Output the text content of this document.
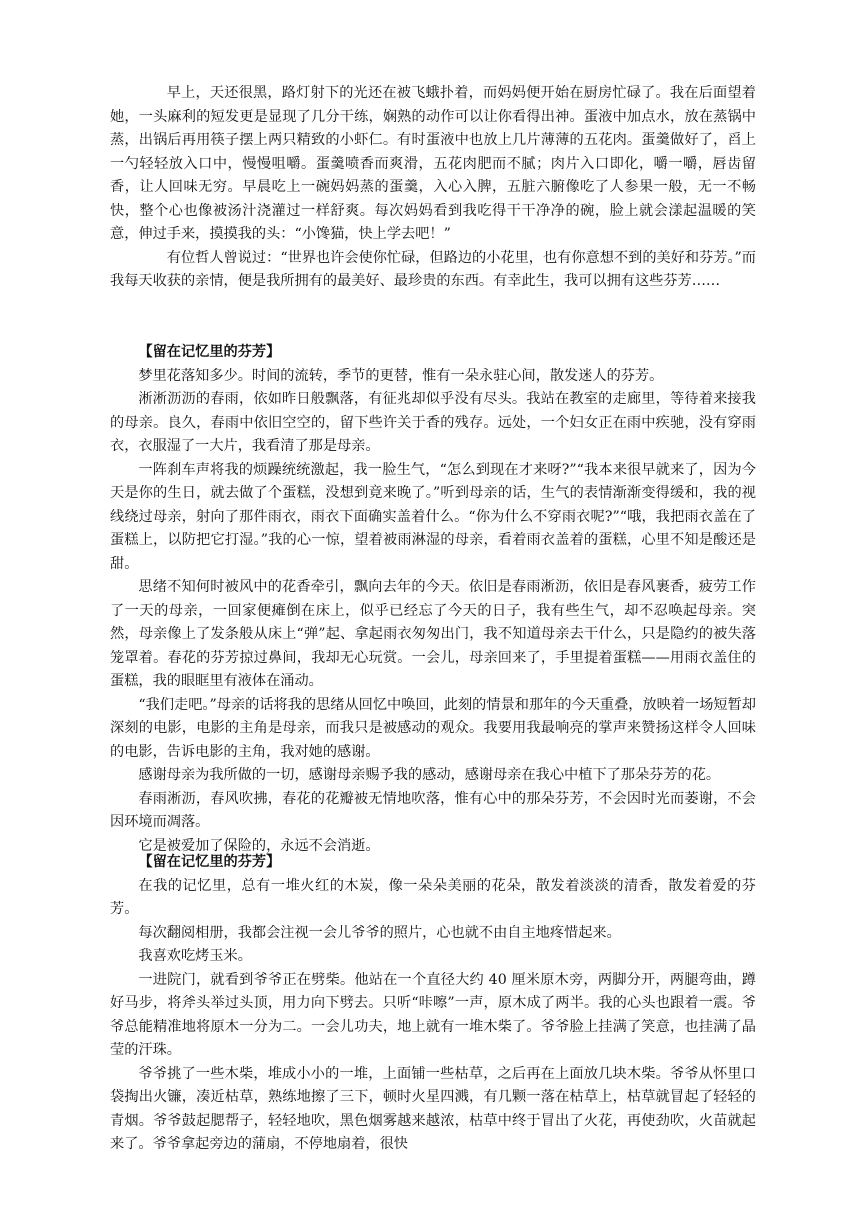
早上，天还很黑，路灯射下的光还在被飞蛾扑着，而妈妈便开始在厨房忙碌了。我在后面望着她，一头麻利的短发更是显现了几分干练，娴熟的动作可以让你看得出神。蛋液中加点水，放在蒸锅中蒸，出锅后再用筷子摆上两只精致的小虾仁。有时蛋液中也放上几片薄薄的五花肉。蛋羹做好了，舀上一勺轻轻放入口中，慢慢咀嚼。蛋羹喷香而爽滑，五花肉肥而不腻；肉片入口即化，嚼一嚼，唇齿留香，让人回味无穷。早晨吃上一碗妈妈蒸的蛋羹，入心入脾，五脏六腑像吃了人参果一般，无一不畅快，整个心也像被汤汁浇灌过一样舒爽。每次妈妈看到我吃得干干净净的碗，脸上就会漾起温暖的笑意，伸过手来，摸摸我的头：“小馋猫，快上学去吧！”

有位哲人曾说过：“世界也许会使你忙碌，但路边的小花里，也有你意想不到的美好和芬芳。”而我每天收获的亲情，便是我所拥有的最美好、最珍贵的东西。有幸此生，我可以拥有这些芬芳……

【留在记忆里的芬芳】

梦里花落知多少。时间的流转，季节的更替，惟有一朵永驻心间，散发迷人的芬芳。

淅淅沥沥的春雨，依如昨日般飘落，有征兆却似乎没有尽头。我站在教室的走廊里，等待着来接我的母亲。良久，春雨中依旧空空的，留下些许关于香的残存。远处，一个妇女正在雨中疾驰，没有穿雨衣，衣服湿了一大片，我看清了那是母亲。

一阵刹车声将我的烦躁统统激起，我一脸生气，“怎么到现在才来呀?”“我本来很早就来了，因为今天是你的生日，就去做了个蛋糕，没想到竟来晚了。”听到母亲的话，生气的表情渐渐变得缓和，我的视线绕过母亲，射向了那件雨衣，雨衣下面确实盖着什么。“你为什么不穿雨衣呢?”“哦，我把雨衣盖在了蛋糕上，以防把它打湿。”我的心一惊，望着被雨淋湿的母亲，看着雨衣盖着的蛋糕，心里不知是酸还是甜。

思绪不知何时被风中的花香牵引，飘向去年的今天。依旧是春雨淅沥，依旧是春风裹香，疲劳工作了一天的母亲，一回家便瘫倒在床上，似乎已经忘了今天的日子，我有些生气，却不忍唤起母亲。突然，母亲像上了发条般从床上“弹”起、拿起雨衣匆匆出门，我不知道母亲去干什么，只是隐约的被失落笼罩着。春花的芬芳掠过鼻间，我却无心玩赏。一会儿，母亲回来了，手里提着蛋糕——用雨衣盖住的蛋糕，我的眼眶里有液体在涌动。

“我们走吧。”母亲的话将我的思绪从回忆中唤回，此刻的情景和那年的今天重叠，放映着一场短暂却深刻的电影，电影的主角是母亲，而我只是被感动的观众。我要用我最响亮的掌声来赞扬这样令人回味的电影，告诉电影的主角，我对她的感谢。

感谢母亲为我所做的一切，感谢母亲赐予我的感动，感谢母亲在我心中植下了那朵芬芳的花。

春雨淅沥，春风吹拂，春花的花瓣被无情地吹落，惟有心中的那朵芬芳，不会因时光而萎谢，不会因环境而凋落。

它是被爱加了保险的，永远不会消逝。

【留在记忆里的芬芳】

在我的记忆里，总有一堆火红的木炭，像一朵朵美丽的花朵，散发着淡淡的清香，散发着爱的芬芳。

每次翻阅相册，我都会注视一会儿爷爷的照片，心也就不由自主地疼惜起来。

我喜欢吃烤玉米。

一进院门，就看到爷爷正在劈柴。他站在一个直径大约 40 厘米原木旁，两脚分开，两腿弯曲，蹲好马步，将斧头举过头顶，用力向下劈去。只听“咔嚓”一声，原木成了两半。我的心头也跟着一震。爷爷总能精准地将原木一分为二。一会儿功夫，地上就有一堆木柴了。爷爷脸上挂满了笑意，也挂满了晶莹的汗珠。

爷爷挑了一些木柴，堆成小小的一堆，上面铺一些枯草，之后再在上面放几块木柴。爷爷从怀里口袋掏出火镰，凑近枯草，熟练地擦了三下，顿时火星四溅，有几颗一落在枯草上，枯草就冒起了轻轻的青烟。爷爷鼓起腮帮子，轻轻地吹，黑色烟雾越来越浓，枯草中终于冒出了火花，再使劲吹，火苗就起来了。爷爷拿起旁边的蒲扇，不停地扇着，很快
